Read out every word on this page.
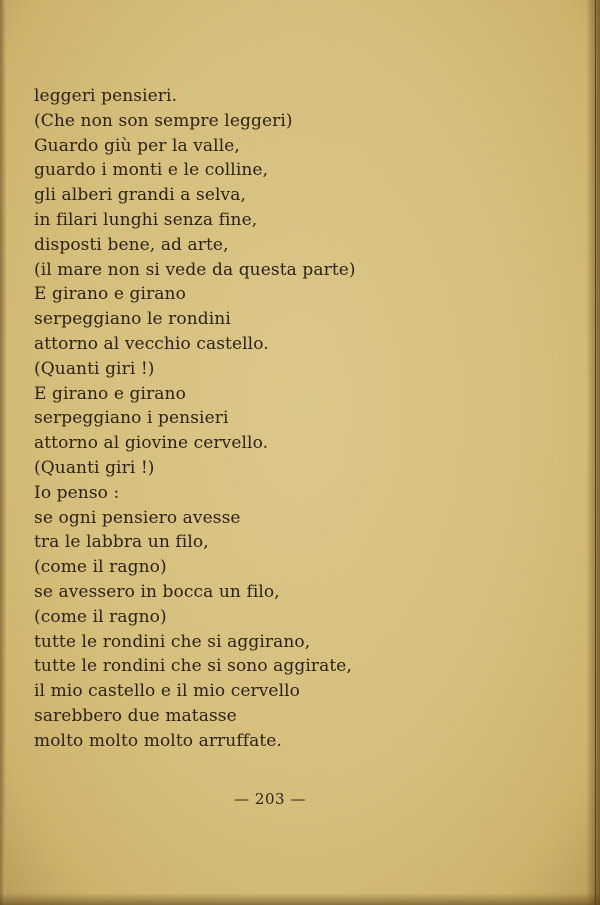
leggeri pensieri.
(Che non son sempre leggeri)
Guardo giù per la valle,
guardo i monti e le colline,
gli alberi grandi a selva,
in filari lunghi senza fine,
disposti bene, ad arte,
(il mare non si vede da questa parte)
E girano e girano
serpeggiano le rondini
attorno al vecchio castello.
(Quanti giri !)
E girano e girano
serpeggiano i pensieri
attorno al giovine cervello.
(Quanti giri !)
Io penso :
se ogni pensiero avesse
tra le labbra un filo,
(come il ragno)
se avessero in bocca un filo,
(come il ragno)
tutte le rondini che si aggirano,
tutte le rondini che si sono aggirate,
il mio castello e il mio cervello
sarebbero due matasse
molto molto molto arruffate.
— 203 —
